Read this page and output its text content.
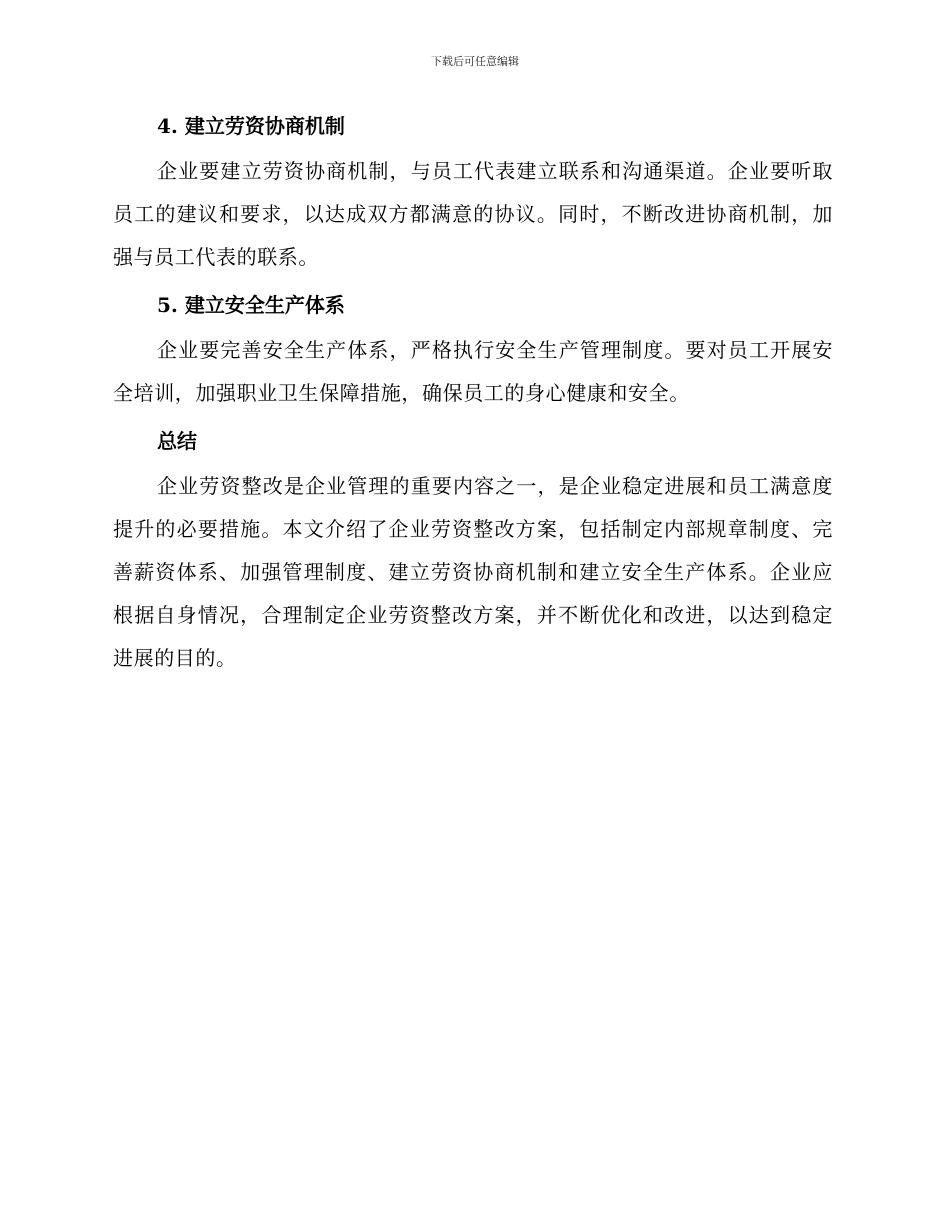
下载后可任意编辑
4. 建立劳资协商机制

企业要建立劳资协商机制，与员工代表建立联系和沟通渠道。企业要听取员工的建议和要求，以达成双方都满意的协议。同时，不断改进协商机制，加强与员工代表的联系。

5. 建立安全生产体系

企业要完善安全生产体系，严格执行安全生产管理制度。要对员工开展安全培训，加强职业卫生保障措施，确保员工的身心健康和安全。

总结

企业劳资整改是企业管理的重要内容之一，是企业稳定进展和员工满意度提升的必要措施。本文介绍了企业劳资整改方案，包括制定内部规章制度、完善薪资体系、加强管理制度、建立劳资协商机制和建立安全生产体系。企业应根据自身情况，合理制定企业劳资整改方案，并不断优化和改进，以达到稳定进展的目的。
